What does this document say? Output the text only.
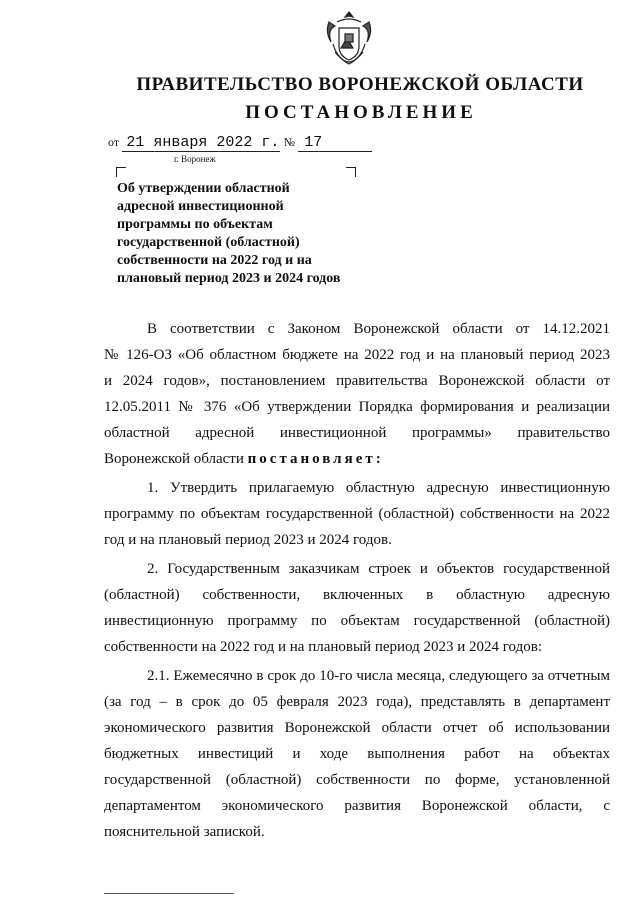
ПРАВИТЕЛЬСТВО ВОРОНЕЖСКОЙ ОБЛАСТИ
ПОСТАНОВЛЕНИЕ
от 21 января 2022 г. № 17
г. Воронеж
Об утверждении областной
адресной инвестиционной
программы по объектам
государственной (областной)
собственности на 2022 год и на
плановый период 2023 и 2024 годов
В соответствии с Законом Воронежской области от 14.12.2021
№ 126-ОЗ «Об областном бюджете на 2022 год и на плановый период 2023
и 2024 годов», постановлением правительства Воронежской области от
12.05.2011 № 376 «Об утверждении Порядка формирования и реализации
областной адресной инвестиционной программы» правительство
Воронежской области постановляет:
1. Утвердить прилагаемую областную адресную инвестиционную
программу по объектам государственной (областной) собственности на 2022
год и на плановый период 2023 и 2024 годов.
2. Государственным заказчикам строек и объектов государственной
(областной) собственности, включенных в областную адресную
инвестиционную программу по объектам государственной (областной)
собственности на 2022 год и на плановый период 2023 и 2024 годов:
2.1. Ежемесячно в срок до 10-го числа месяца, следующего за отчетным
(за год – в срок до 05 февраля 2023 года), представлять в департамент
экономического развития Воронежской области отчет об использовании
бюджетных инвестиций и ходе выполнения работ на объектах
государственной (областной) собственности по форме, установленной
департаментом экономического развития Воронежской области, с
пояснительной запиской.
